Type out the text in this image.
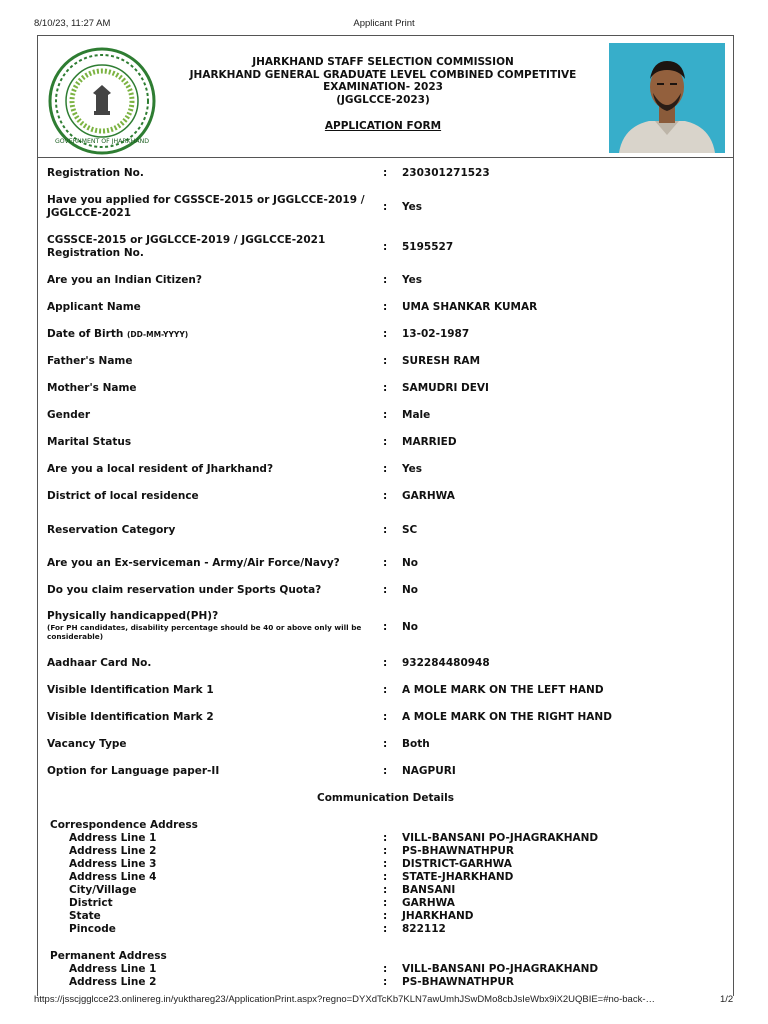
8/10/23, 11:27 AM	Applicant Print
GOVERNMENT OF JHARKHAND
JHARKHAND STAFF SELECTION COMMISSION
JHARKHAND GENERAL GRADUATE LEVEL COMBINED COMPETITIVE
EXAMINATION- 2023
(JGGLCCE-2023)
APPLICATION FORM
Registration No.	: 230301271523
Have you applied for CGSSCE-2015 or JGGLCCE-2019 / JGGLCCE-2021	: Yes
CGSSCE-2015 or JGGLCCE-2019 / JGGLCCE-2021 Registration No.	: 5195527
Are you an Indian Citizen?	: Yes
Applicant Name	: UMA SHANKAR KUMAR
Date of Birth (DD-MM-YYYY)	: 13-02-1987
Father's Name	: SURESH RAM
Mother's Name	: SAMUDRI DEVI
Gender	: Male
Marital Status	: MARRIED
Are you a local resident of Jharkhand?	: Yes
District of local residence	: GARHWA
Reservation Category	: SC
Are you an Ex-serviceman - Army/Air Force/Navy?	: No
Do you claim reservation under Sports Quota?	: No
Physically handicapped(PH)?
(For PH candidates, disability percentage should be 40 or above only will be considerable)
: No
Aadhaar Card No.	: 932284480948
Visible Identification Mark 1	: A MOLE MARK ON THE LEFT HAND
Visible Identification Mark 2	: A MOLE MARK ON THE RIGHT HAND
Vacancy Type	: Both
Option for Language paper-II	: NAGPURI
Communication Details
Correspondence Address
Address Line 1	: VILL-BANSANI PO-JHAGRAKHAND
Address Line 2	: PS-BHAWNATHPUR
Address Line 3	: DISTRICT-GARHWA
Address Line 4	: STATE-JHARKHAND
City/Village	: BANSANI
District	: GARHWA
State	: JHARKHAND
Pincode	: 822112
Permanent Address
Address Line 1	: VILL-BANSANI PO-JHAGRAKHAND
Address Line 2	: PS-BHAWNATHPUR
https://jsscjgglcce23.onlinereg.in/yukthareg23/ApplicationPrint.aspx?regno=DYXdTcKb7KLN7awUmhJSwDMo8cbJsIeWbx9iX2UQBIE=#no-back-…	1/2
